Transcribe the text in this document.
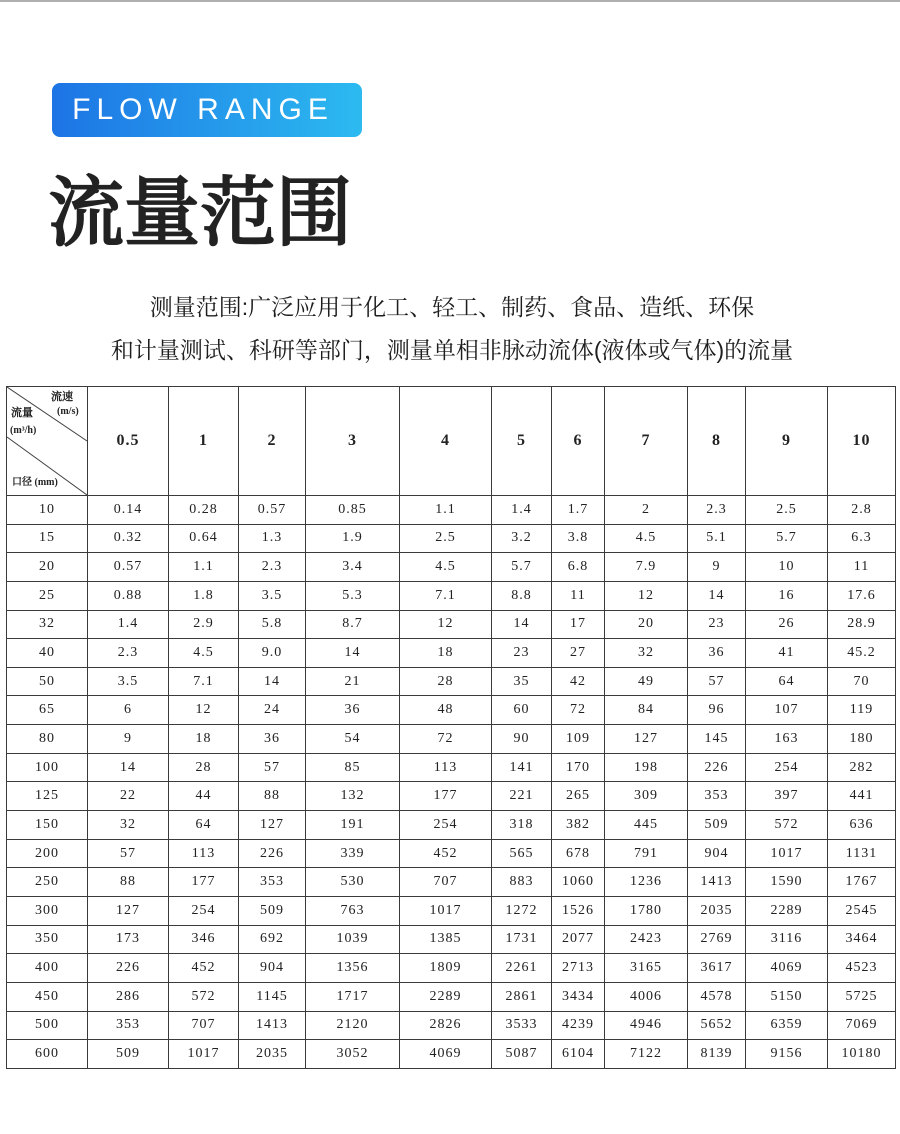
FLOW RANGE
流量范围

测量范围:广泛应用于化工、轻工、制药、食品、造纸、环保

和计量测试、科研等部门，测量单相非脉动流体(液体或气体)的流量

流速
(m/s)
流量
(m³/h)
口径 (mm)	0.5	1	2	3	4	5	6	7	8	9	10
10	0.14	0.28	0.57	0.85	1.1	1.4	1.7	2	2.3	2.5	2.8
15	0.32	0.64	1.3	1.9	2.5	3.2	3.8	4.5	5.1	5.7	6.3
20	0.57	1.1	2.3	3.4	4.5	5.7	6.8	7.9	9	10	11
25	0.88	1.8	3.5	5.3	7.1	8.8	11	12	14	16	17.6
32	1.4	2.9	5.8	8.7	12	14	17	20	23	26	28.9
40	2.3	4.5	9.0	14	18	23	27	32	36	41	45.2
50	3.5	7.1	14	21	28	35	42	49	57	64	70
65	6	12	24	36	48	60	72	84	96	107	119
80	9	18	36	54	72	90	109	127	145	163	180
100	14	28	57	85	113	141	170	198	226	254	282
125	22	44	88	132	177	221	265	309	353	397	441
150	32	64	127	191	254	318	382	445	509	572	636
200	57	113	226	339	452	565	678	791	904	1017	1131
250	88	177	353	530	707	883	1060	1236	1413	1590	1767
300	127	254	509	763	1017	1272	1526	1780	2035	2289	2545
350	173	346	692	1039	1385	1731	2077	2423	2769	3116	3464
400	226	452	904	1356	1809	2261	2713	3165	3617	4069	4523
450	286	572	1145	1717	2289	2861	3434	4006	4578	5150	5725
500	353	707	1413	2120	2826	3533	4239	4946	5652	6359	7069
600	509	1017	2035	3052	4069	5087	6104	7122	8139	9156	10180
